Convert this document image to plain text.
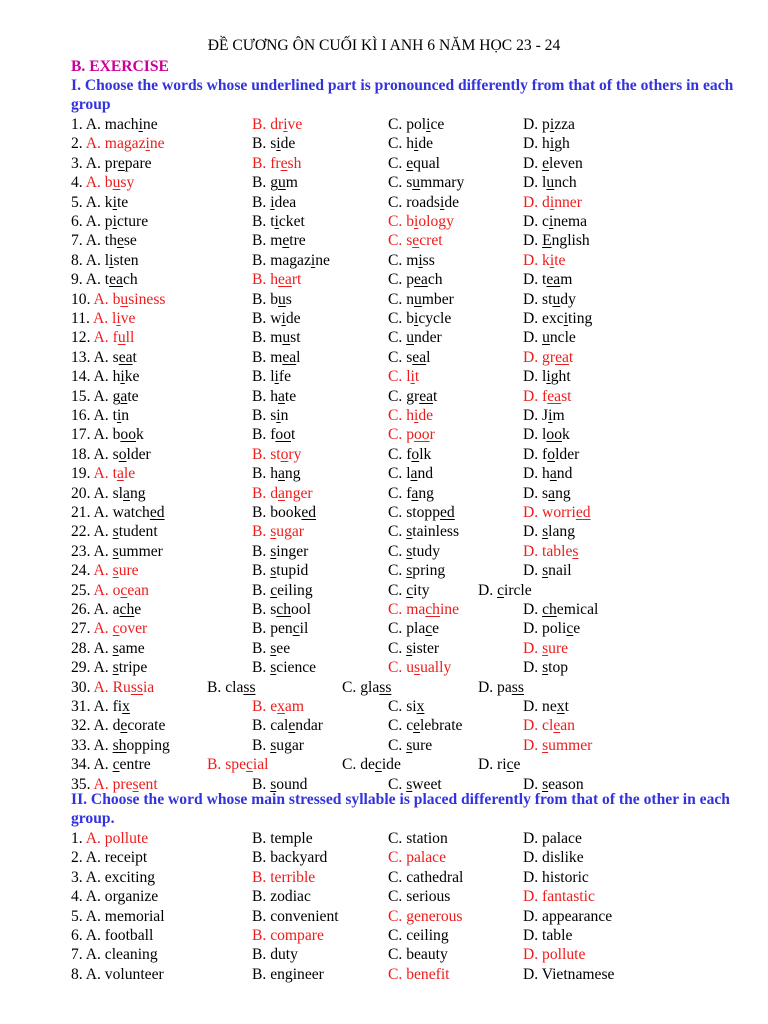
ĐỀ CƯƠNG ÔN CUỐI KÌ I ANH 6 NĂM HỌC 23 - 24
B. EXERCISE
I. Choose the words whose underlined part is pronounced differently from that of the others in each group
1. A. machine	B. drive	C. police	D. pizza
2. A. magazine	B. side	C. hide	D. high
3. A. prepare	B. fresh	C. equal	D. eleven
4. A. busy	B. gum	C. summary	D. lunch
5. A. kite	B. idea	C. roadside	D. dinner
6. A. picture	B. ticket	C. biology	D. cinema
7. A. these	B. metre	C. secret	D. English
8. A. listen	B. magazine	C. miss	D. kite
9. A. teach	B. heart	C. peach	D. team
10. A. business	B. bus	C. number	D. study
11. A. live	B. wide	C. bicycle	D. exciting
12. A. full	B. must	C. under	D. uncle
13. A. seat	B. meal	C. seal	D. great
14. A. hike	B. life	C. lit	D. light
15. A. gate	B. hate	C. great	D. feast
16. A. tin	B. sin	C. hide	D. Jim
17. A. book	B. foot	C. poor	D. look
18. A. solder	B. story	C. folk	D. folder
19. A. tale	B. hang	C. land	D. hand
20. A. slang	B. danger	C. fang	D. sang
21. A. watched	B. booked	C. stopped	D. worried
22. A. student	B. sugar	C. stainless	D. slang
23. A. summer	B. singer	C. study	D. tables
24. A. sure	B. stupid	C. spring	D. snail
25. A. ocean	B. ceiling	C. city	D. circle
26. A. ache	B. school	C. machine	D. chemical
27. A. cover	B. pencil	C. place	D. police
28. A. same	B. see	C. sister	D. sure
29. A. stripe	B. science	C. usually	D. stop
30. A. Russia	B. class	C. glass	D. pass
31. A. fix	B. exam	C. six	D. next
32. A. decorate	B. calendar	C. celebrate	D. clean
33. A. shopping	B. sugar	C. sure	D. summer
34. A. centre	B. special	C. decide	D. rice
35. A. present	B. sound	C. sweet	D. season
II. Choose the word whose main stressed syllable is placed differently from that of the other in each group.
1. A. pollute	B. temple	C. station	D. palace
2. A. receipt	B. backyard	C. palace	D. dislike
3. A. exciting	B. terrible	C. cathedral	D. historic
4. A. organize	B. zodiac	C. serious	D. fantastic
5. A. memorial	B. convenient	C. generous	D. appearance
6. A. football	B. compare	C. ceiling	D. table
7. A. cleaning	B. duty	C. beauty	D. pollute
8. A. volunteer	B. engineer	C. benefit	D. Vietnamese
